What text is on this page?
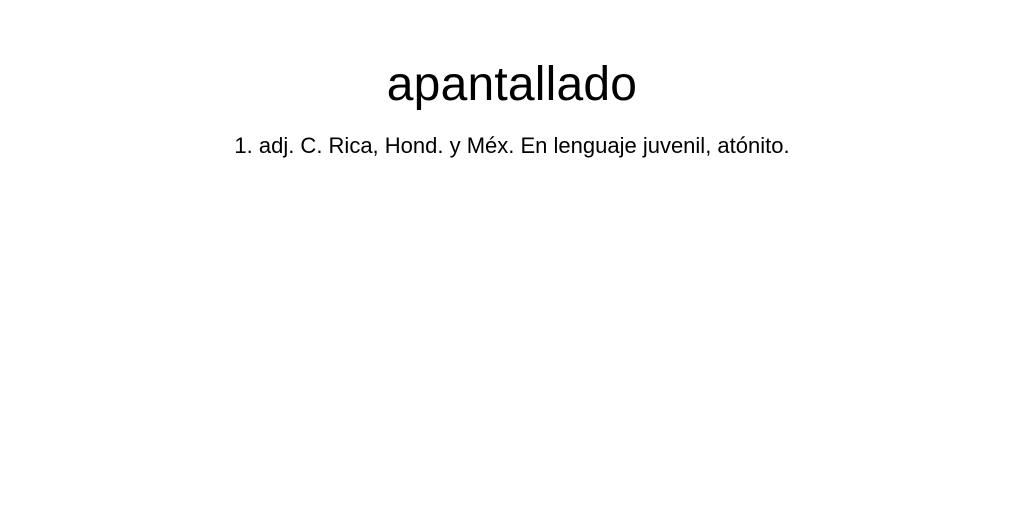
apantallado

1. adj. C. Rica, Hond. y Méx. En lenguaje juvenil, atónito.
